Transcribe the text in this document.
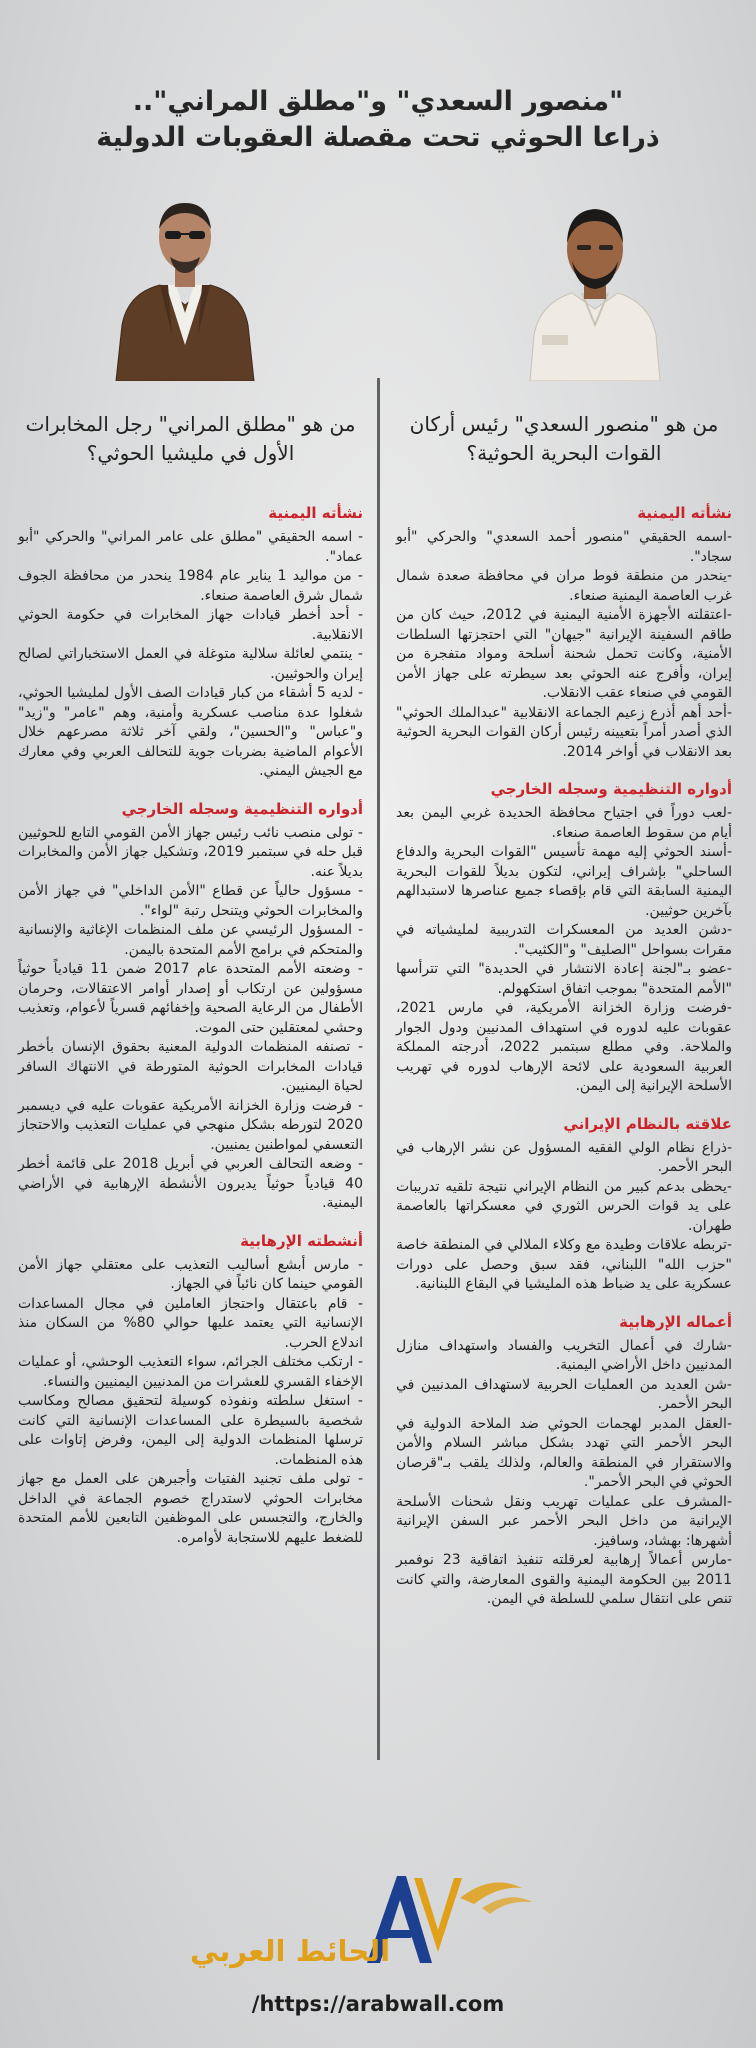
"منصور السعدي" و"مطلق المراني"..
ذراعا الحوثي تحت مقصلة العقوبات الدولية
من هو "منصور السعدي" رئيس أركان القوات البحرية الحوثية؟
نشأته اليمنية

-اسمه الحقيقي "منصور أحمد السعدي" والحركي "أبو سجاد".

-ينحدر من منطقة فوط مران في محافظة صعدة شمال غرب العاصمة اليمنية صنعاء.

-اعتقلته الأجهزة الأمنية اليمنية في 2012، حيث كان من طاقم السفينة الإيرانية "جيهان" التي احتجزتها السلطات الأمنية، وكانت تحمل شحنة أسلحة ومواد متفجرة من إيران، وأفرج عنه الحوثي بعد سيطرته على جهاز الأمن القومي في صنعاء عقب الانقلاب.

-أحد أهم أذرع زعيم الجماعة الانقلابية "عبدالملك الحوثي" الذي أصدر أمراً بتعيينه رئيس أركان القوات البحرية الحوثية بعد الانقلاب في أواخر 2014.

أدواره التنظيمية وسجله الخارجي

-لعب دوراً في اجتياح محافظة الحديدة غربي اليمن بعد أيام من سقوط العاصمة صنعاء.

-أسند الحوثي إليه مهمة تأسيس "القوات البحرية والدفاع الساحلي" بإشراف إيراني، لتكون بديلاً للقوات البحرية اليمنية السابقة التي قام بإقصاء جميع عناصرها لاستبدالهم بآخرين حوثيين.

-دشن العديد من المعسكرات التدريبية لمليشياته في مقرات بسواحل "الصليف" و"الكثيب".

-عضو بـ"لجنة إعادة الانتشار في الحديدة" التي تترأسها "الأمم المتحدة" بموجب اتفاق استكهولم.

-فرضت وزارة الخزانة الأمريكية، في مارس 2021، عقوبات عليه لدوره في استهداف المدنيين ودول الجوار والملاحة. وفي مطلع سبتمبر 2022، أدرجته المملكة العربية السعودية على لائحة الإرهاب لدوره في تهريب الأسلحة الإيرانية إلى اليمن.

علاقته بالنظام الإيراني

-ذراع نظام الولي الفقيه المسؤول عن نشر الإرهاب في البحر الأحمر.

-يحظى بدعم كبير من النظام الإيراني نتيجة تلقيه تدريبات على يد قوات الحرس الثوري في معسكراتها بالعاصمة طهران.

-تربطه علاقات وطيدة مع وكلاء الملالي في المنطقة خاصة "حزب الله" اللبناني، فقد سبق وحصل على دورات عسكرية على يد ضباط هذه المليشيا في البقاع اللبنانية.

أعماله الإرهابية

-شارك في أعمال التخريب والفساد واستهداف منازل المدنيين داخل الأراضي اليمنية.

-شن العديد من العمليات الحربية لاستهداف المدنيين في البحر الأحمر.

-العقل المدبر لهجمات الحوثي ضد الملاحة الدولية في البحر الأحمر التي تهدد بشكل مباشر السلام والأمن والاستقرار في المنطقة والعالم، ولذلك يلقب بـ"قرصان الحوثي في البحر الأحمر".

-المشرف على عمليات تهريب ونقل شحنات الأسلحة الإيرانية من داخل البحر الأحمر عبر السفن الإيرانية أشهرها: بهشاد، وسافيز.

-مارس أعمالاً إرهابية لعرقلته تنفيذ اتفاقية 23 نوفمبر 2011 بين الحكومة اليمنية والقوى المعارضة، والتي كانت تنص على انتقال سلمي للسلطة في اليمن.

من هو "مطلق المراني" رجل المخابرات الأول في مليشيا الحوثي؟
نشأته اليمنية

- اسمه الحقيقي "مطلق على عامر المراني" والحركي "أبو عماد".

- من مواليد 1 يناير عام 1984 ينحدر من محافظة الجوف شمال شرق العاصمة صنعاء.

- أحد أخطر قيادات جهاز المخابرات في حكومة الحوثي الانقلابية.

- ينتمي لعائلة سلالية متوغلة في العمل الاستخباراتي لصالح إيران والحوثيين.

- لديه 5 أشقاء من كبار قيادات الصف الأول لمليشيا الحوثي، شغلوا عدة مناصب عسكرية وأمنية، وهم "عامر" و"زيد" و"عباس" و"الحسين"، ولقي آخر ثلاثة مصرعهم خلال الأعوام الماضية بضربات جوية للتحالف العربي وفي معارك مع الجيش اليمني.

أدواره التنظيمية وسجله الخارجي

- تولى منصب نائب رئيس جهاز الأمن القومي التابع للحوثيين قبل حله في سبتمبر 2019، وتشكيل جهاز الأمن والمخابرات بديلاً عنه.

- مسؤول حالياً عن قطاع "الأمن الداخلي" في جهاز الأمن والمخابرات الحوثي ويتنحل رتبة "لواء".

- المسؤول الرئيسي عن ملف المنظمات الإغاثية والإنسانية والمتحكم في برامج الأمم المتحدة باليمن.

- وضعته الأمم المتحدة عام 2017 ضمن 11 قيادياً حوثياً مسؤولين عن ارتكاب أو إصدار أوامر الاعتقالات، وحرمان الأطفال من الرعاية الصحية وإخفائهم قسرياً لأعوام، وتعذيب وحشي لمعتقلين حتى الموت.

- تصنفه المنظمات الدولية المعنية بحقوق الإنسان بأخطر قيادات المخابرات الحوثية المتورطة في الانتهاك السافر لحياة اليمنيين.

- فرضت وزارة الخزانة الأمريكية عقوبات عليه في ديسمبر 2020 لتورطه بشكل منهجي في عمليات التعذيب والاحتجاز التعسفي لمواطنين يمنيين.

- وضعه التحالف العربي في أبريل 2018 على قائمة أخطر 40 قيادياً حوثياً يديرون الأنشطة الإرهابية في الأراضي اليمنية.

أنشطته الإرهابية

- مارس أبشع أساليب التعذيب على معتقلي جهاز الأمن القومي حينما كان نائباً في الجهاز.

- قام باعتقال واحتجاز العاملين في مجال المساعدات الإنسانية التي يعتمد عليها حوالي 80% من السكان منذ اندلاع الحرب.

- ارتكب مختلف الجرائم، سواء التعذيب الوحشي، أو عمليات الإخفاء القسري للعشرات من المدنيين اليمنيين والنساء.

- استغل سلطته ونفوذه كوسيلة لتحقيق مصالح ومكاسب شخصية بالسيطرة على المساعدات الإنسانية التي كانت ترسلها المنظمات الدولية إلى اليمن، وفرض إتاوات على هذه المنظمات.

- تولى ملف تجنيد الفتيات وأجبرهن على العمل مع جهاز مخابرات الحوثي لاستدراج خصوم الجماعة في الداخل والخارج، والتجسس على الموظفين التابعين للأمم المتحدة للضغط عليهم للاستجابة لأوامره.

الحائط العربي
/https://arabwall.com
